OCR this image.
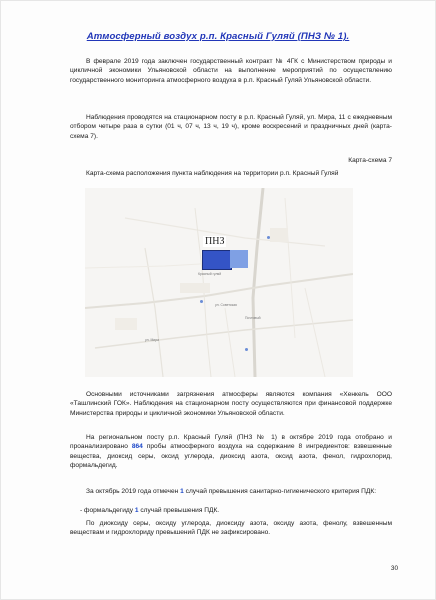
Атмосферный воздух р.п. Красный Гуляй (ПНЗ № 1).
В феврале 2019 года заключен государственный контракт № 4ГК с Министерством природы и цикличной экономики Ульяновской области на выполнение мероприятий по осуществлению государственного мониторинга атмосферного воздуха в р.п. Красный Гуляй Ульяновской области.
Наблюдения проводятся на стационарном посту в р.п. Красный Гуляй, ул. Мира, 11 с ежедневным отбором четыре раза в сутки (01 ч, 07 ч, 13 ч, 19 ч), кроме воскресений и праздничных дней (карта-схема 7).
Карта-схема 7
Карта-схема расположения пункта наблюдения на территории р.п. Красный Гуляй
ПНЗ
Красный гуляй
ул. Советская
ул. Мира
Почтовый
Основными источниками загрязнения атмосферы являются компания «Хенкель ООО «Ташлинский ГОК». Наблюдения на стационарном посту осуществляются при финансовой поддержке Министерства природы и цикличной экономики Ульяновской области.
На региональном посту р.п. Красный Гуляй (ПНЗ № 1) в октябре 2019 года отобрано и проанализировано 864 пробы атмосферного воздуха на содержание 8 ингредиентов: взвешенные вещества, диоксид серы, оксид углерода, диоксид азота, оксид азота, фенол, гидрохлорид, формальдегид.
За октябрь 2019 года отмечен 1 случай превышения санитарно-гигиенического критерия ПДК:
- формальдегиду 1 случай превышения ПДК.
По диоксиду серы, оксиду углерода, диоксиду азота, оксиду азота, фенолу, взвешенным веществам и гидрохлориду превышений ПДК не зафиксировано.
30
